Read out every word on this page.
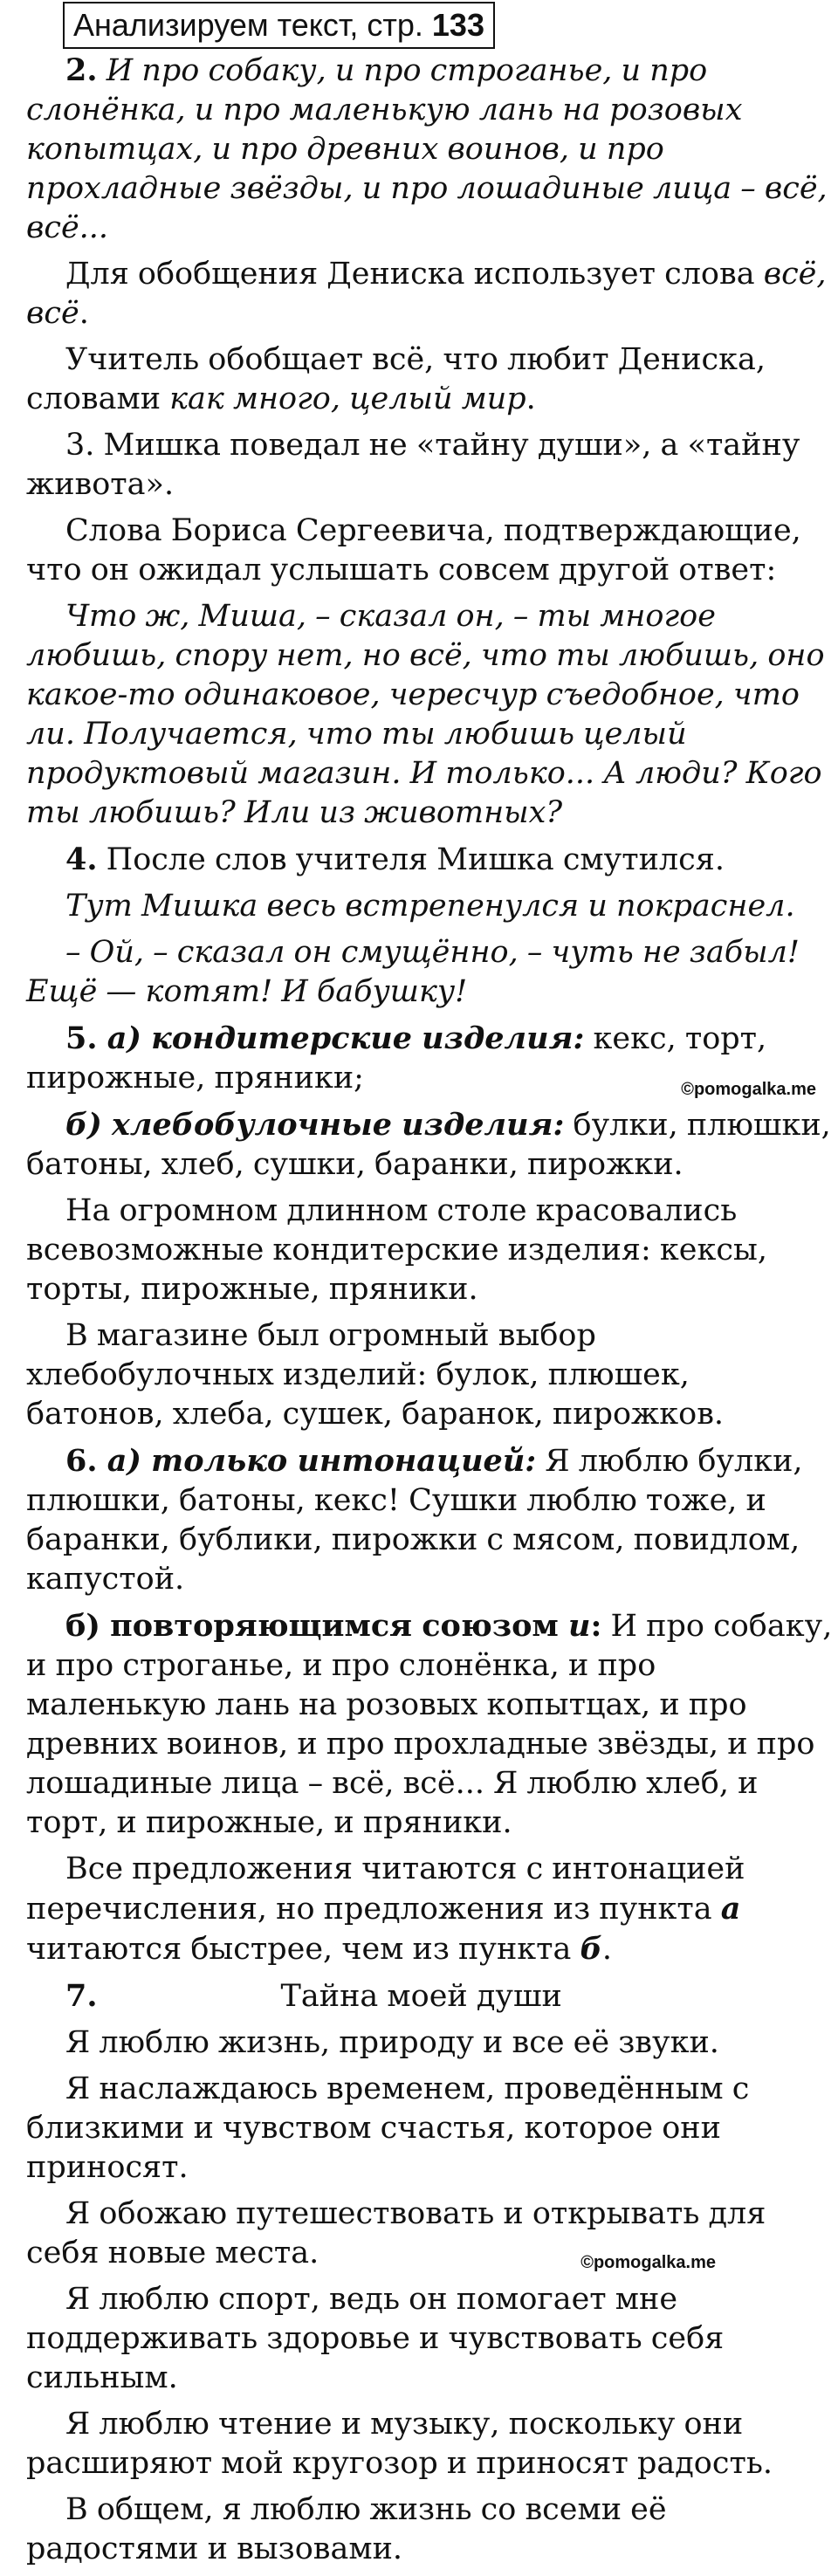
Анализируем текст, стр. 133

2. И про собаку, и про строганье, и про слонёнка, и про маленькую лань на розовых копытцах, и про древних воинов, и про прохладные звёзды, и про лошадиные лица – всё, всё...

Для обобщения Дениска использует слова всё, всё.

Учитель обобщает всё, что любит Дениска, словами как много, целый мир.

3. Мишка поведал не «тайну души», а «тайну живота».

Слова Бориса Сергеевича, подтверждающие, что он ожидал услышать совсем другой ответ:

Что ж, Миша, – сказал он, – ты многое любишь, спору нет, но всё, что ты любишь, оно какое-то одинаковое, чересчур съедобное, что ли. Получается, что ты любишь целый продуктовый магазин. И только... А люди? Кого ты любишь? Или из животных?

4. После слов учителя Мишка смутился.

Тут Мишка весь встрепенулся и покраснел.

– Ой, – сказал он смущённо, – чуть не забыл! Ещё — котят! И бабушку!

5. а) кондитерские изделия: кекс, торт, пирожные, пряники;	©pomogalka.me

б) хлебобулочные изделия: булки, плюшки, батоны, хлеб, сушки, баранки, пирожки.

На огромном длинном столе красовались всевозможные кондитерские изделия: кексы, торты, пирожные, пряники.

В магазине был огромный выбор хлебобулочных изделий: булок, плюшек, батонов, хлеба, сушек, баранок, пирожков.

6. а) только интонацией: Я люблю булки, плюшки, батоны, кекс! Сушки люблю тоже, и баранки, бублики, пирожки с мясом, повидлом, капустой.

б) повторяющимся союзом и: И про собаку, и про строганье, и про слонёнка, и про маленькую лань на розовых копытцах, и про древних воинов, и про прохладные звёзды, и про лошадиные лица – всё, всё... Я люблю хлеб, и торт, и пирожные, и пряники.

Все предложения читаются с интонацией перечисления, но предложения из пункта а читаются быстрее, чем из пункта б.

7.	Тайна моей души

Я люблю жизнь, природу и все её звуки.

Я наслаждаюсь временем, проведённым с близкими и чувством счастья, которое они приносят.

Я обожаю путешествовать и открывать для себя новые места.	©pomogalka.me

Я люблю спорт, ведь он помогает мне поддерживать здоровье и чувствовать себя сильным.

Я люблю чтение и музыку, поскольку они расширяют мой кругозор и приносят радость.

В общем, я люблю жизнь со всеми её радостями и вызовами.
